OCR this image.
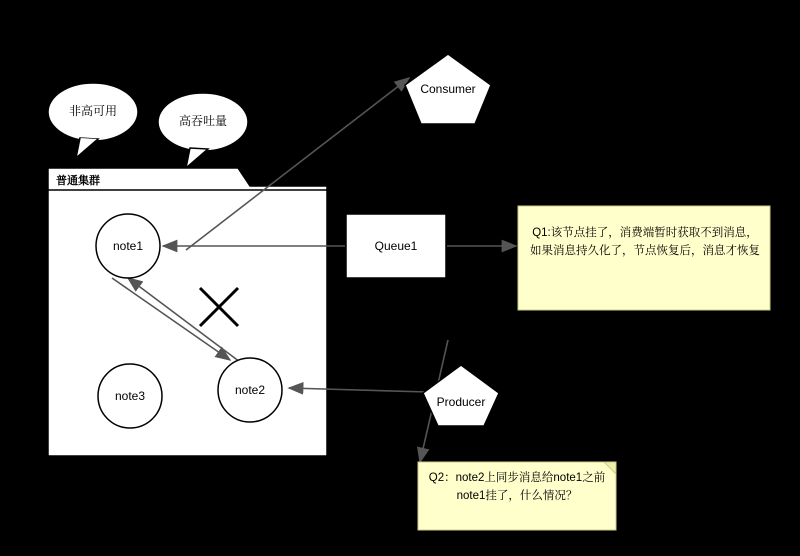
非高可用
高吞吐量
普通集群
note1
note2
note3
Consumer
Producer
Queue1
Q1:该节点挂了，消费端暂时获取不到消息，如果消息持久化了，节点恢复后，消息才恢复
Q2：note2上同步消息给note1之前note1挂了，什么情况？
